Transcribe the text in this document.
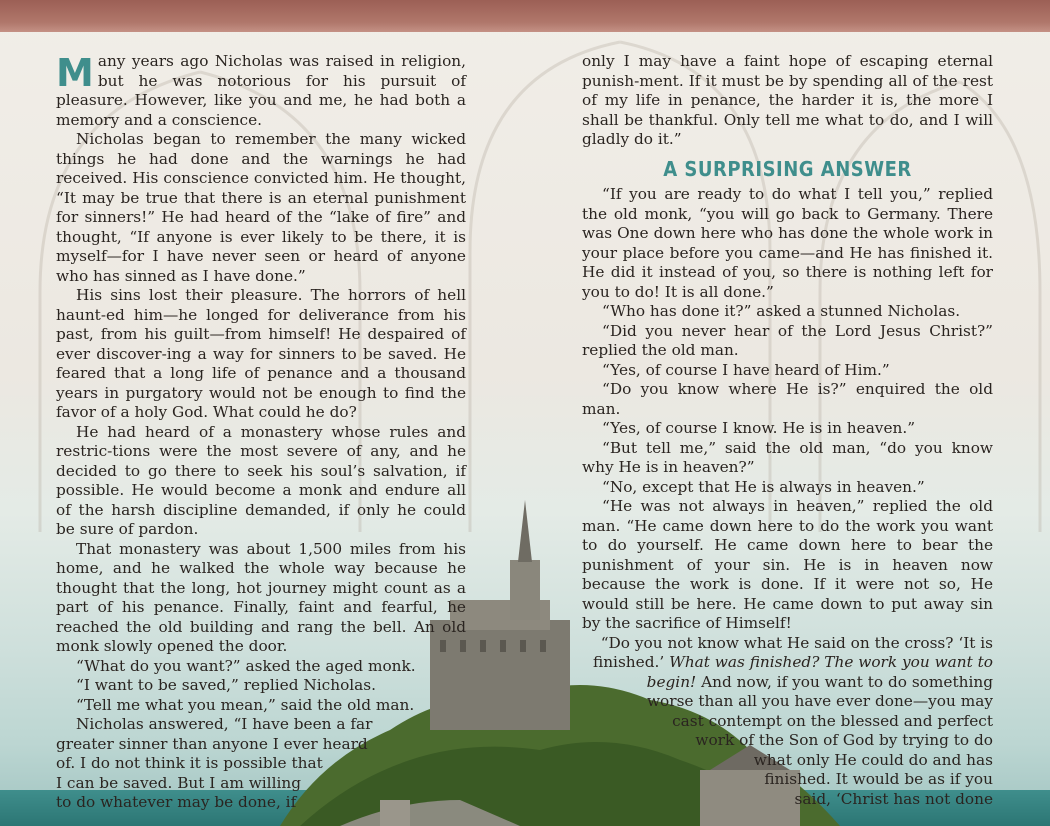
Many years ago Nicholas was raised in religion, but he was notorious for his pursuit of pleasure. However, like you and me, he had both a memory and a conscience.

Nicholas began to remember the many wicked things he had done and the warnings he had received. His conscience convicted him. He thought, “It may be true that there is an eternal punishment for sinners!” He had heard of the “lake of fire” and thought, “If anyone is ever likely to be there, it is myself—for I have never seen or heard of anyone who has sinned as I have done.”

His sins lost their pleasure. The horrors of hell haunt-ed him—he longed for deliverance from his past, from his guilt—from himself! He despaired of ever discover-ing a way for sinners to be saved. He feared that a long life of penance and a thousand years in purgatory would not be enough to find the favor of a holy God. What could he do?

He had heard of a monastery whose rules and restric-tions were the most severe of any, and he decided to go there to seek his soul’s salvation, if possible. He would become a monk and endure all of the harsh discipline demanded, if only he could be sure of pardon.

That monastery was about 1,500 miles from his home, and he walked the whole way because he thought that the long, hot journey might count as a part of his penance. Finally, faint and fearful, he reached the old building and rang the bell. An old monk slowly opened the door.

“What do you want?” asked the aged monk.

“I want to be saved,” replied Nicholas.

“Tell me what you mean,” said the old man.

Nicholas answered, “I have been a far
greater sinner than anyone I ever heard
of. I do not think it is possible that
I can be saved. But I am willing
to do whatever may be done, if

only I may have a faint hope of escaping eternal punish-ment. If it must be by spending all of the rest of my life in penance, the harder it is, the more I shall be thankful. Only tell me what to do, and I will gladly do it.”

A SURPRISING ANSWER

“If you are ready to do what I tell you,” replied the old monk, “you will go back to Germany. There was One down here who has done the whole work in your place before you came—and He has finished it. He did it instead of you, so there is nothing left for you to do! It is all done.”

“Who has done it?” asked a stunned Nicholas.

“Did you never hear of the Lord Jesus Christ?” replied the old man.

“Yes, of course I have heard of Him.”

“Do you know where He is?” enquired the old man.

“Yes, of course I know. He is in heaven.”

“But tell me,” said the old man, “do you know why He is in heaven?”

“No, except that He is always in heaven.”

“He was not always in heaven,” replied the old man. “He came down here to do the work you want to do yourself. He came down here to bear the punishment of your sin. He is in heaven now because the work is done. If it were not so, He would still be here. He came down to put away sin by the sacrifice of Himself!

“Do you not know what He said on the cross? ‘It is
finished.’ What was finished? The work you want to
begin! And now, if you want to do something
worse than all you have ever done—you may
cast contempt on the blessed and perfect
work of the Son of God by trying to do
what only He could do and has
finished. It would be as if you
said, ‘Christ has not done
